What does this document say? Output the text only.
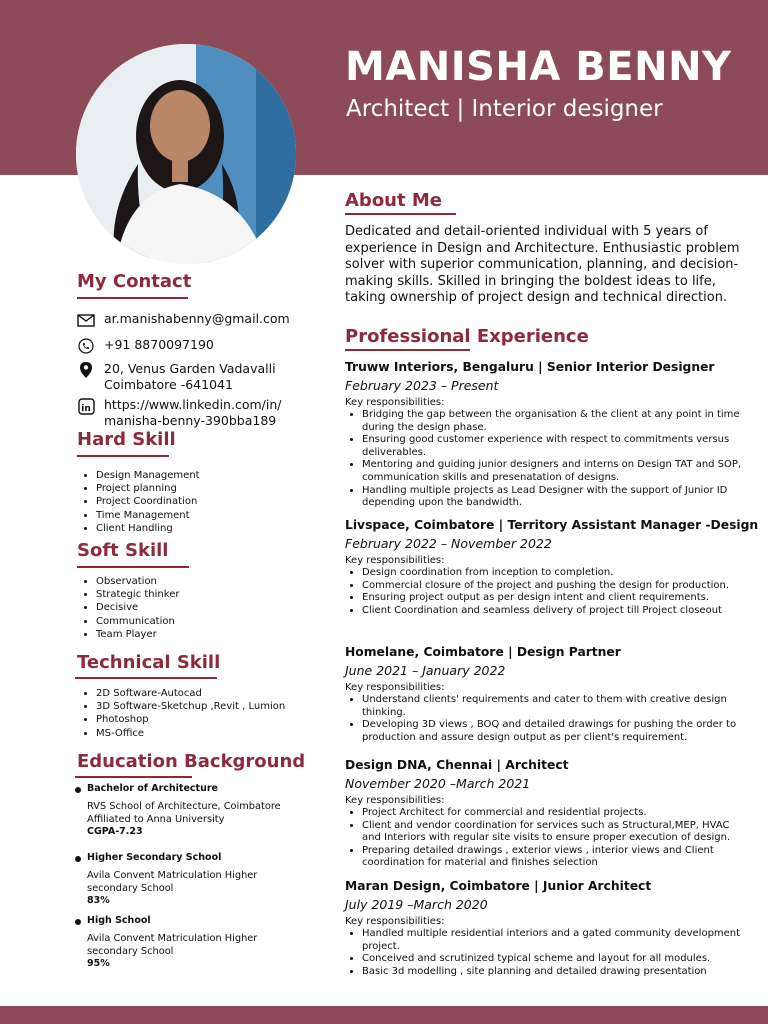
MANISHA BENNY
Architect | Interior designer
My Contact
ar.manishabenny@gmail.com
+91 8870097190
20, Venus Garden Vadavalli
Coimbatore -641041
in https://www.linkedin.com/in/
manisha-benny-390bba189
Hard Skill
• Design Management
• Project planning
• Project Coordination
• Time Management
• Client Handling
Soft Skill
• Observation
• Strategic thinker
• Decisive
• Communication
• Team Player
Technical Skill
• 2D Software-Autocad
• 3D Software-Sketchup ,Revit , Lumion
• Photoshop
• MS-Office
Education Background
Bachelor of Architecture
RVS School of Architecture, Coimbatore
Affiliated to Anna University
CGPA-7.23
Higher Secondary School
Avila Convent Matriculation Higher
secondary School
83%
High School
Avila Convent Matriculation Higher
secondary School
95%
About Me
Dedicated and detail-oriented individual with 5 years of experience in Design and Architecture. Enthusiastic problem solver with superior communication, planning, and decision-making skills. Skilled in bringing the boldest ideas to life, taking ownership of project design and technical direction.
Professional Experience
Truww Interiors, Bengaluru | Senior Interior Designer
February 2023 – Present
Key responsibilities:
• Bridging the gap between the organisation & the client at any point in time during the design phase.
• Ensuring good customer experience with respect to commitments versus deliverables.
• Mentoring and guiding junior designers and interns on Design TAT and SOP, communication skills and presenatation of designs.
• Handling multiple projects as Lead Designer with the support of Junior ID depending upon the bandwidth.
Livspace, Coimbatore | Territory Assistant Manager -Design
February 2022 – November 2022
Key responsibilities:
• Design coordination from inception to completion.
• Commercial closure of the project and pushing the design for production.
• Ensuring project output as per design intent and client requirements.
• Client Coordination and seamless delivery of project till Project closeout
Homelane, Coimbatore | Design Partner
June 2021 – January 2022
Key responsibilities:
• Understand clients' requirements and cater to them with creative design thinking.
• Developing 3D views , BOQ and detailed drawings for pushing the order to production and assure design output as per client's requirement.
Design DNA, Chennai | Architect
November 2020 –March 2021
Key responsibilities:
• Project Architect for commercial and residential projects.
• Client and vendor coordination for services such as Structural,MEP, HVAC and Interiors with regular site visits to ensure proper execution of design.
• Preparing detailed drawings , exterior views , interior views and Client coordination for material and finishes selection
Maran Design, Coimbatore | Junior Architect
July 2019 –March 2020
Key responsibilities:
• Handled multiple residential interiors and a gated community development project.
• Conceived and scrutinized typical scheme and layout for all modules.
• Basic 3d modelling , site planning and detailed drawing presentation
